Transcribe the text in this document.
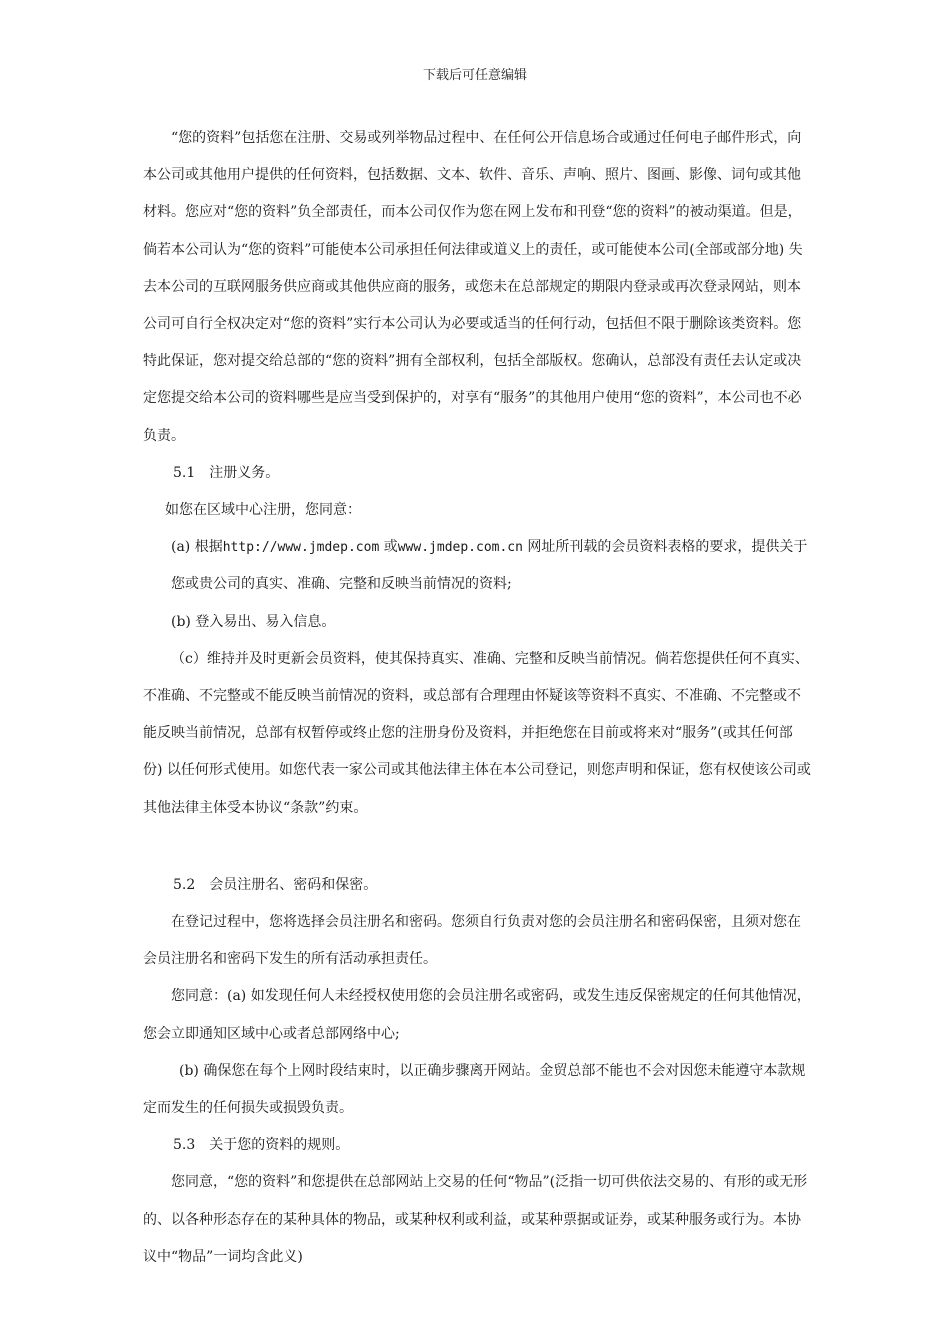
下载后可任意编辑

“您的资料”包括您在注册、交易或列举物品过程中、在任何公开信息场合或通过任何电子邮件形式，向本公司或其他用户提供的任何资料，包括数据、文本、软件、音乐、声响、照片、图画、影像、词句或其他材料。您应对“您的资料”负全部责任，而本公司仅作为您在网上发布和刊登“您的资料”的被动渠道。但是，倘若本公司认为“您的资料”可能使本公司承担任何法律或道义上的责任，或可能使本公司(全部或部分地) 失去本公司的互联网服务供应商或其他供应商的服务，或您未在总部规定的期限内登录或再次登录网站，则本公司可自行全权决定对“您的资料”实行本公司认为必要或适当的任何行动，包括但不限于删除该类资料。您特此保证，您对提交给总部的“您的资料”拥有全部权利，包括全部版权。您确认，总部没有责任去认定或决定您提交给本公司的资料哪些是应当受到保护的，对享有“服务”的其他用户使用“您的资料”，本公司也不必负责。

5.1　注册义务。

如您在区域中心注册，您同意：

(a) 根据http://www.jmdep.com 或www.jmdep.com.cn 网址所刊载的会员资料表格的要求，提供关于您或贵公司的真实、准确、完整和反映当前情况的资料;

(b) 登入易出、易入信息。

（c）维持并及时更新会员资料，使其保持真实、准确、完整和反映当前情况。倘若您提供任何不真实、不准确、不完整或不能反映当前情况的资料，或总部有合理理由怀疑该等资料不真实、不准确、不完整或不能反映当前情况，总部有权暂停或终止您的注册身份及资料，并拒绝您在目前或将来对“服务”(或其任何部份) 以任何形式使用。如您代表一家公司或其他法律主体在本公司登记，则您声明和保证，您有权使该公司或其他法律主体受本协议“条款”约束。

5.2　会员注册名、密码和保密。

在登记过程中，您将选择会员注册名和密码。您须自行负责对您的会员注册名和密码保密，且须对您在会员注册名和密码下发生的所有活动承担责任。

您同意：(a) 如发现任何人未经授权使用您的会员注册名或密码，或发生违反保密规定的任何其他情况，您会立即通知区域中心或者总部网络中心;

(b) 确保您在每个上网时段结束时，以正确步骤离开网站。金贸总部不能也不会对因您未能遵守本款规定而发生的任何损失或损毁负责。

5.3　关于您的资料的规则。

您同意，“您的资料”和您提供在总部网站上交易的任何“物品”(泛指一切可供依法交易的、有形的或无形的、以各种形态存在的某种具体的物品，或某种权利或利益，或某种票据或证券，或某种服务或行为。本协议中“物品”一词均含此义)
